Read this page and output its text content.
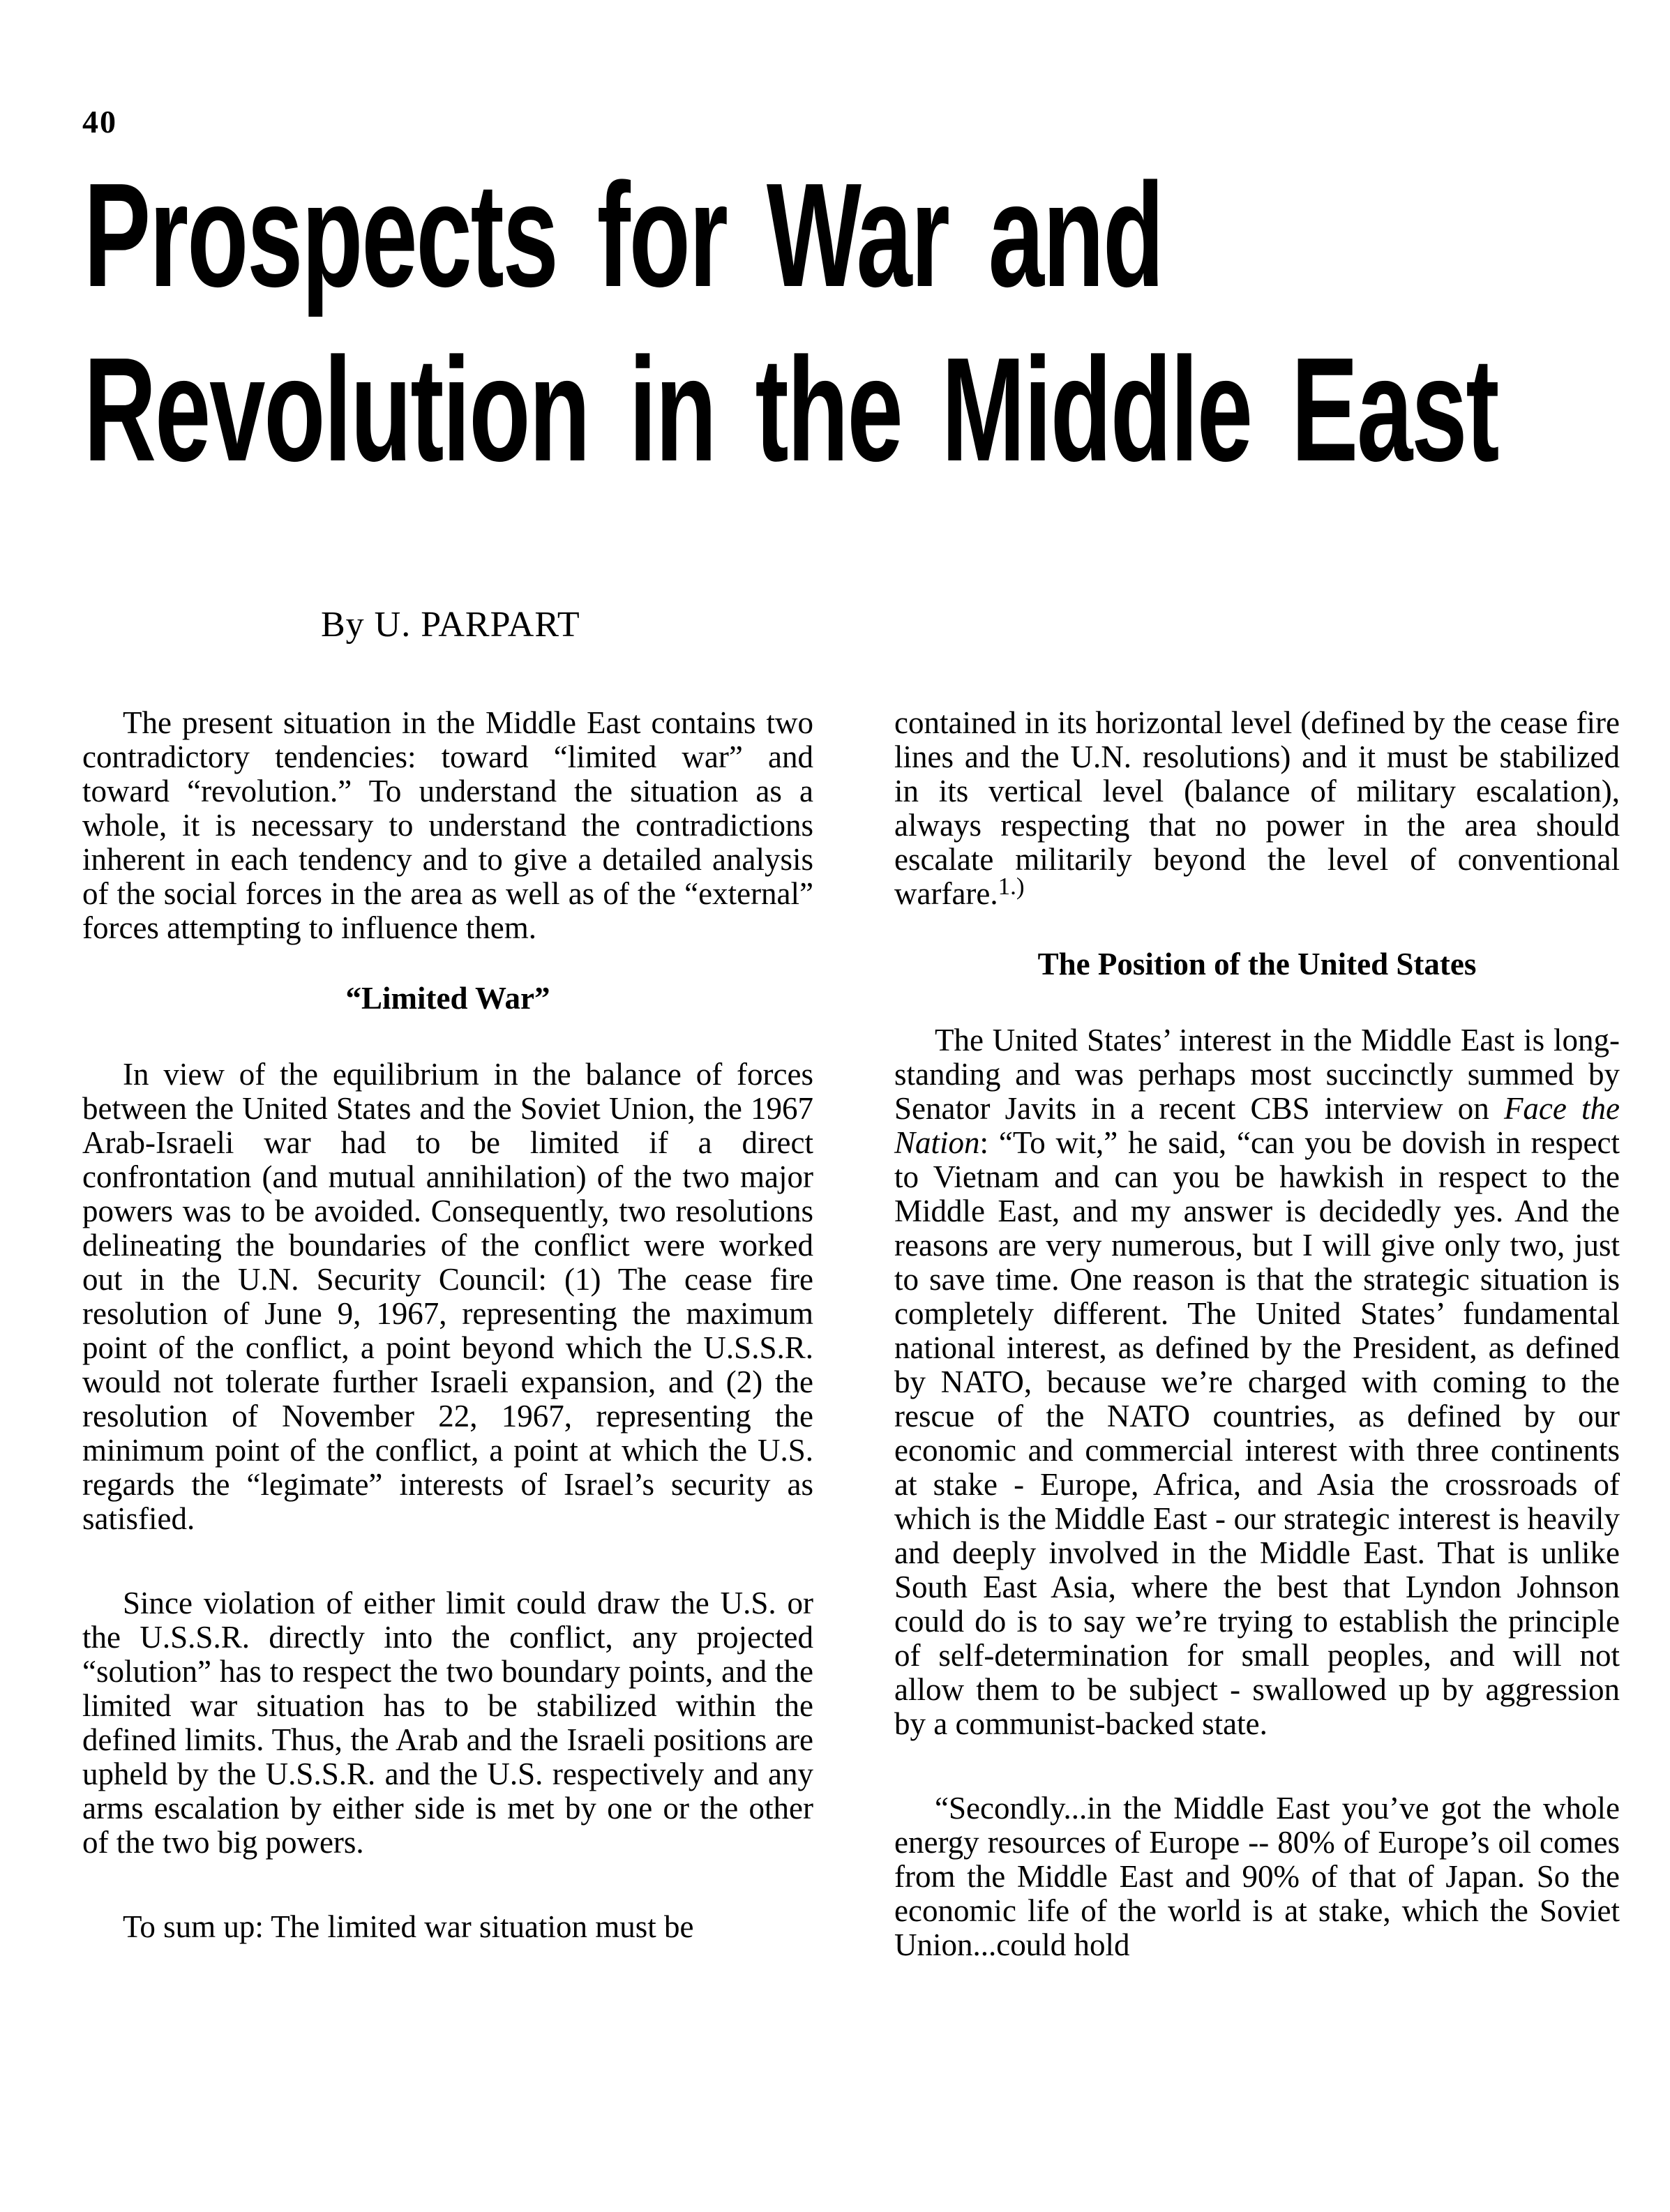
40
Prospects for War and
Revolution in the Middle East
By U. PARPART

The present situation in the Middle East contains two contradictory tendencies: toward “limited war” and toward “revolution.” To understand the situation as a whole, it is necessary to understand the contradictions inherent in each tendency and to give a detailed analysis of the social forces in the area as well as of the “external” forces attempting to influence them.

“Limited War”

In view of the equilibrium in the balance of forces between the United States and the Soviet Union, the 1967 Arab-Israeli war had to be limited if a direct confrontation (and mutual annihilation) of the two major powers was to be avoided. Consequently, two resolutions delineating the boundaries of the conflict were worked out in the U.N. Security Council: (1) The cease fire resolution of June 9, 1967, representing the maximum point of the conflict, a point beyond which the U.S.S.R. would not tolerate further Israeli expansion, and (2) the resolution of November 22, 1967, representing the minimum point of the conflict, a point at which the U.S. regards the “legimate” interests of Israel’s security as satisfied.

Since violation of either limit could draw the U.S. or the U.S.S.R. directly into the conflict, any projected “solution” has to respect the two boundary points, and the limited war situation has to be stabilized within the defined limits. Thus, the Arab and the Israeli positions are upheld by the U.S.S.R. and the U.S. respectively and any arms escalation by either side is met by one or the other of the two big powers.

To sum up: The limited war situation must be

contained in its horizontal level (defined by the cease fire lines and the U.N. resolutions) and it must be stabilized in its vertical level (balance of military escalation), always respecting that no power in the area should escalate militarily beyond the level of conventional warfare.$^{1.)}$

The Position of the United States

The United States’ interest in the Middle East is long-standing and was perhaps most succinctly summed by Senator Javits in a recent CBS interview on Face the Nation: “To wit,” he said, “can you be dovish in respect to Vietnam and can you be hawkish in respect to the Middle East, and my answer is decidedly yes. And the reasons are very numerous, but I will give only two, just to save time. One reason is that the strategic situation is completely different. The United States’ fundamental national interest, as defined by the President, as defined by NATO, because we’re charged with coming to the rescue of the NATO countries, as defined by our economic and commercial interest with three continents at stake - Europe, Africa, and Asia the crossroads of which is the Middle East - our strategic interest is heavily and deeply involved in the Middle East. That is unlike South East Asia, where the best that Lyndon Johnson could do is to say we’re trying to establish the principle of self-determination for small peoples, and will not allow them to be subject - swallowed up by aggression by a communist-backed state.

“Secondly...in the Middle East you’ve got the whole energy resources of Europe -- 80% of Europe’s oil comes from the Middle East and 90% of that of Japan. So the economic life of the world is at stake, which the Soviet Union...could hold
